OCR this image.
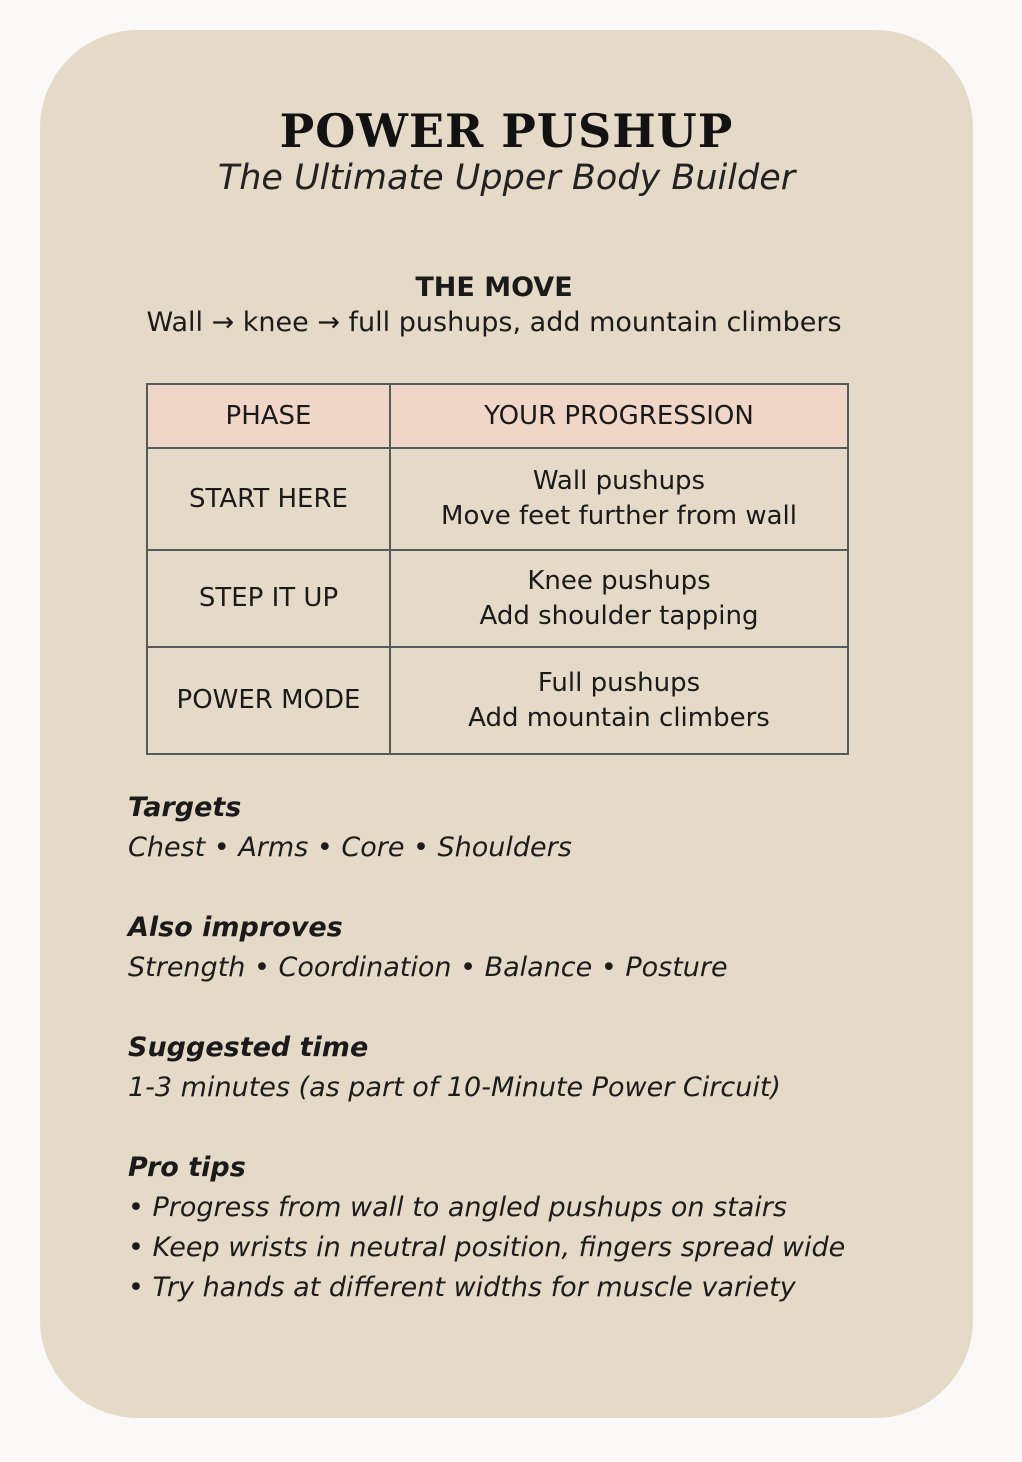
POWER PUSHUP
The Ultimate Upper Body Builder
THE MOVE
Wall → knee → full pushups, add mountain climbers
PHASE	YOUR PROGRESSION
START HERE	Wall pushups
Move feet further from wall

STEP IT UP	Knee pushups
Add shoulder tapping

POWER MODE	Full pushups
Add mountain climbers
Targets
Chest • Arms • Core • Shoulders
Also improves
Strength • Coordination • Balance • Posture
Suggested time
1-3 minutes (as part of 10-Minute Power Circuit)
Pro tips
• Progress from wall to angled pushups on stairs
• Keep wrists in neutral position, fingers spread wide
• Try hands at different widths for muscle variety
